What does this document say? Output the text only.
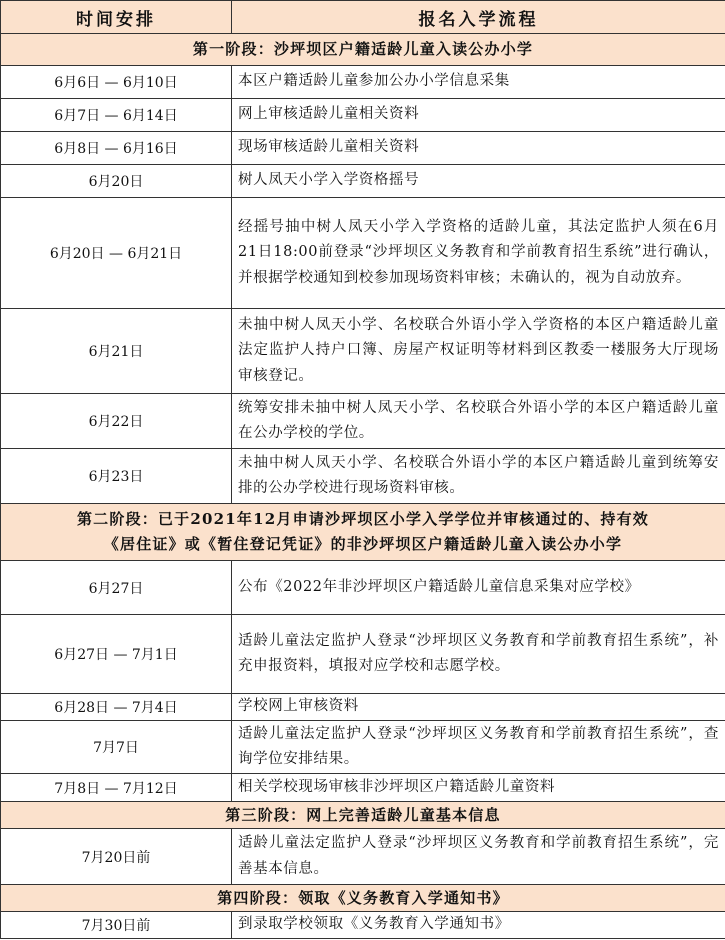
时间安排	报名入学流程
第一阶段：沙坪坝区户籍适龄儿童入读公办小学	
6月6日 — 6月10日	本区户籍适龄儿童参加公办小学信息采集
6月7日 — 6月14日	网上审核适龄儿童相关资料
6月8日 — 6月16日	现场审核适龄儿童相关资料
6月20日	树人凤天小学入学资格摇号
6月20日 — 6月21日	经摇号抽中树人凤天小学入学资格的适龄儿童，其法定监护人须在6月21日18:00前登录“沙坪坝区义务教育和学前教育招生系统”进行确认，并根据学校通知到校参加现场资料审核；未确认的，视为自动放弃。
6月21日	未抽中树人凤天小学、名校联合外语小学入学资格的本区户籍适龄儿童法定监护人持户口簿、房屋产权证明等材料到区教委一楼服务大厅现场审核登记。
6月22日	统筹安排未抽中树人凤天小学、名校联合外语小学的本区户籍适龄儿童在公办学校的学位。
6月23日	未抽中树人凤天小学、名校联合外语小学的本区户籍适龄儿童到统筹安排的公办学校进行现场资料审核。

第二阶段：已于2021年12月申请沙坪坝区小学入学学位并审核通过的、持有效
《居住证》或《暂住登记凭证》的非沙坪坝区户籍适龄儿童入读公办小学	

6月27日	公布《2022年非沙坪坝区户籍适龄儿童信息采集对应学校》
6月27日 — 7月1日	适龄儿童法定监护人登录“沙坪坝区义务教育和学前教育招生系统”，补充申报资料，填报对应学校和志愿学校。
6月28日 — 7月4日	学校网上审核资料
7月7日	适龄儿童法定监护人登录“沙坪坝区义务教育和学前教育招生系统”，查询学位安排结果。
7月8日 — 7月12日	相关学校现场审核非沙坪坝区户籍适龄儿童资料
第三阶段：网上完善适龄儿童基本信息	
7月20日前	适龄儿童法定监护人登录“沙坪坝区义务教育和学前教育招生系统”，完善基本信息。
第四阶段：领取《义务教育入学通知书》	
7月30日前	到录取学校领取《义务教育入学通知书》
